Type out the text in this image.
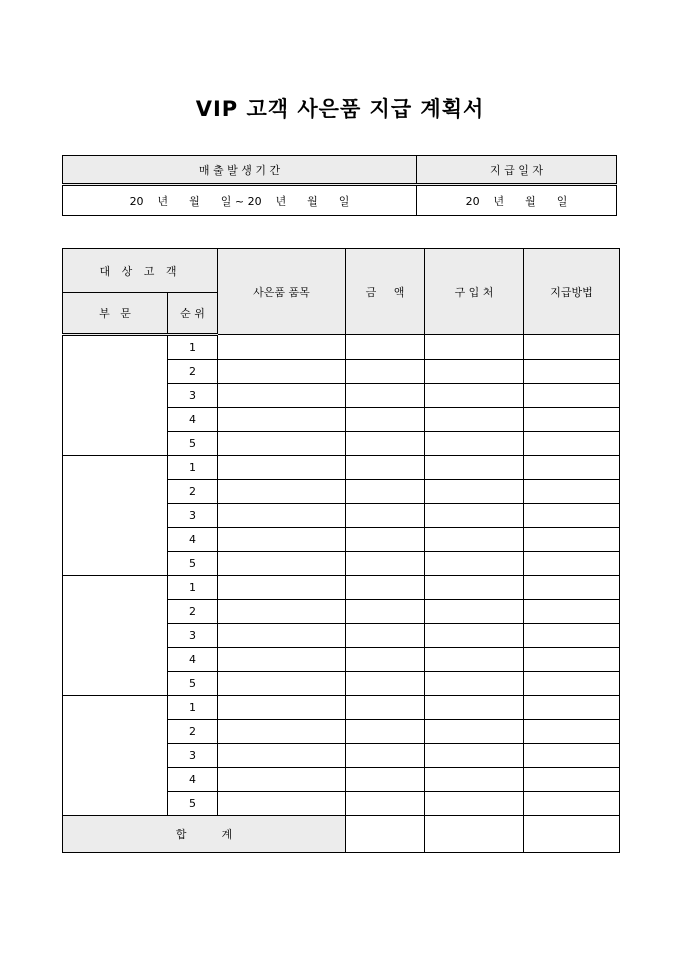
VIP 고객 사은품 지급 계획서
매 출 발 생 기 간	지 급 일 자
20    년      월      일 ~ 20    년      월      일	20    년      월      일
대 상 고 객		사은품 품목	금     액	구 입 처	지급방법
부   문	순 위				
	1				
	2				
	3				
	4				
	5				
	1				
	2				
	3				
	4				
	5				
	1				
	2				
	3				
	4				
	5				
	1				
	2				
	3				
	4				
	5				
합          계					
